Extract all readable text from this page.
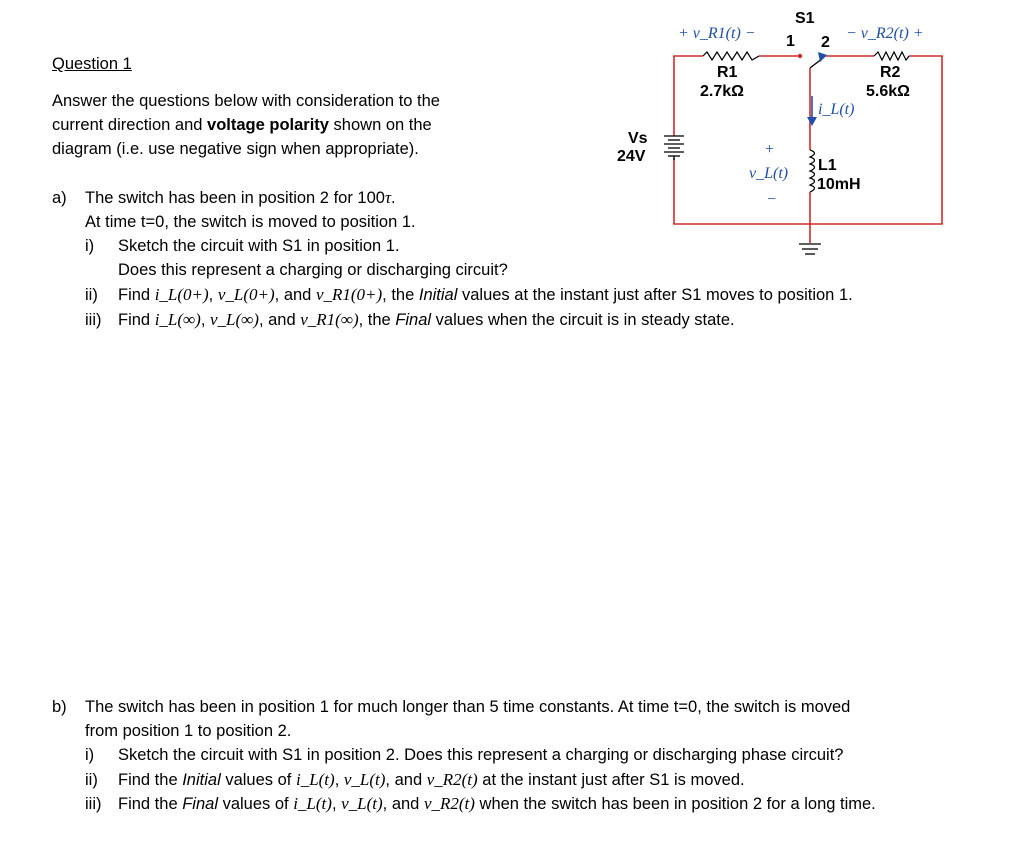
S1
1 2
R1
2.7kΩ
R2
5.6kΩ
Vs
24V
L1
10mH
+ v_R1(t) −	− v_R2(t) +
i_L(t)
v_L(t)
+
−
Question 1
Answer the questions below with consideration to the
current direction and voltage polarity shown on the
diagram (i.e. use negative sign when appropriate).
a) The switch has been in position 2 for 100τ.
At time t=0, the switch is moved to position 1.
i) Sketch the circuit with S1 in position 1.
Does this represent a charging or discharging circuit?
ii) Find i_L(0+), v_L(0+), and v_R1(0+), the Initial values at the instant just after S1 moves to position 1.
iii) Find i_L(∞), v_L(∞), and v_R1(∞), the Final values when the circuit is in steady state.
b) The switch has been in position 1 for much longer than 5 time constants. At time t=0, the switch is moved
from position 1 to position 2.
i) Sketch the circuit with S1 in position 2. Does this represent a charging or discharging phase circuit?
ii) Find the Initial values of i_L(t), v_L(t), and v_R2(t) at the instant just after S1 is moved.
iii) Find the Final values of i_L(t), v_L(t), and v_R2(t) when the switch has been in position 2 for a long time.
